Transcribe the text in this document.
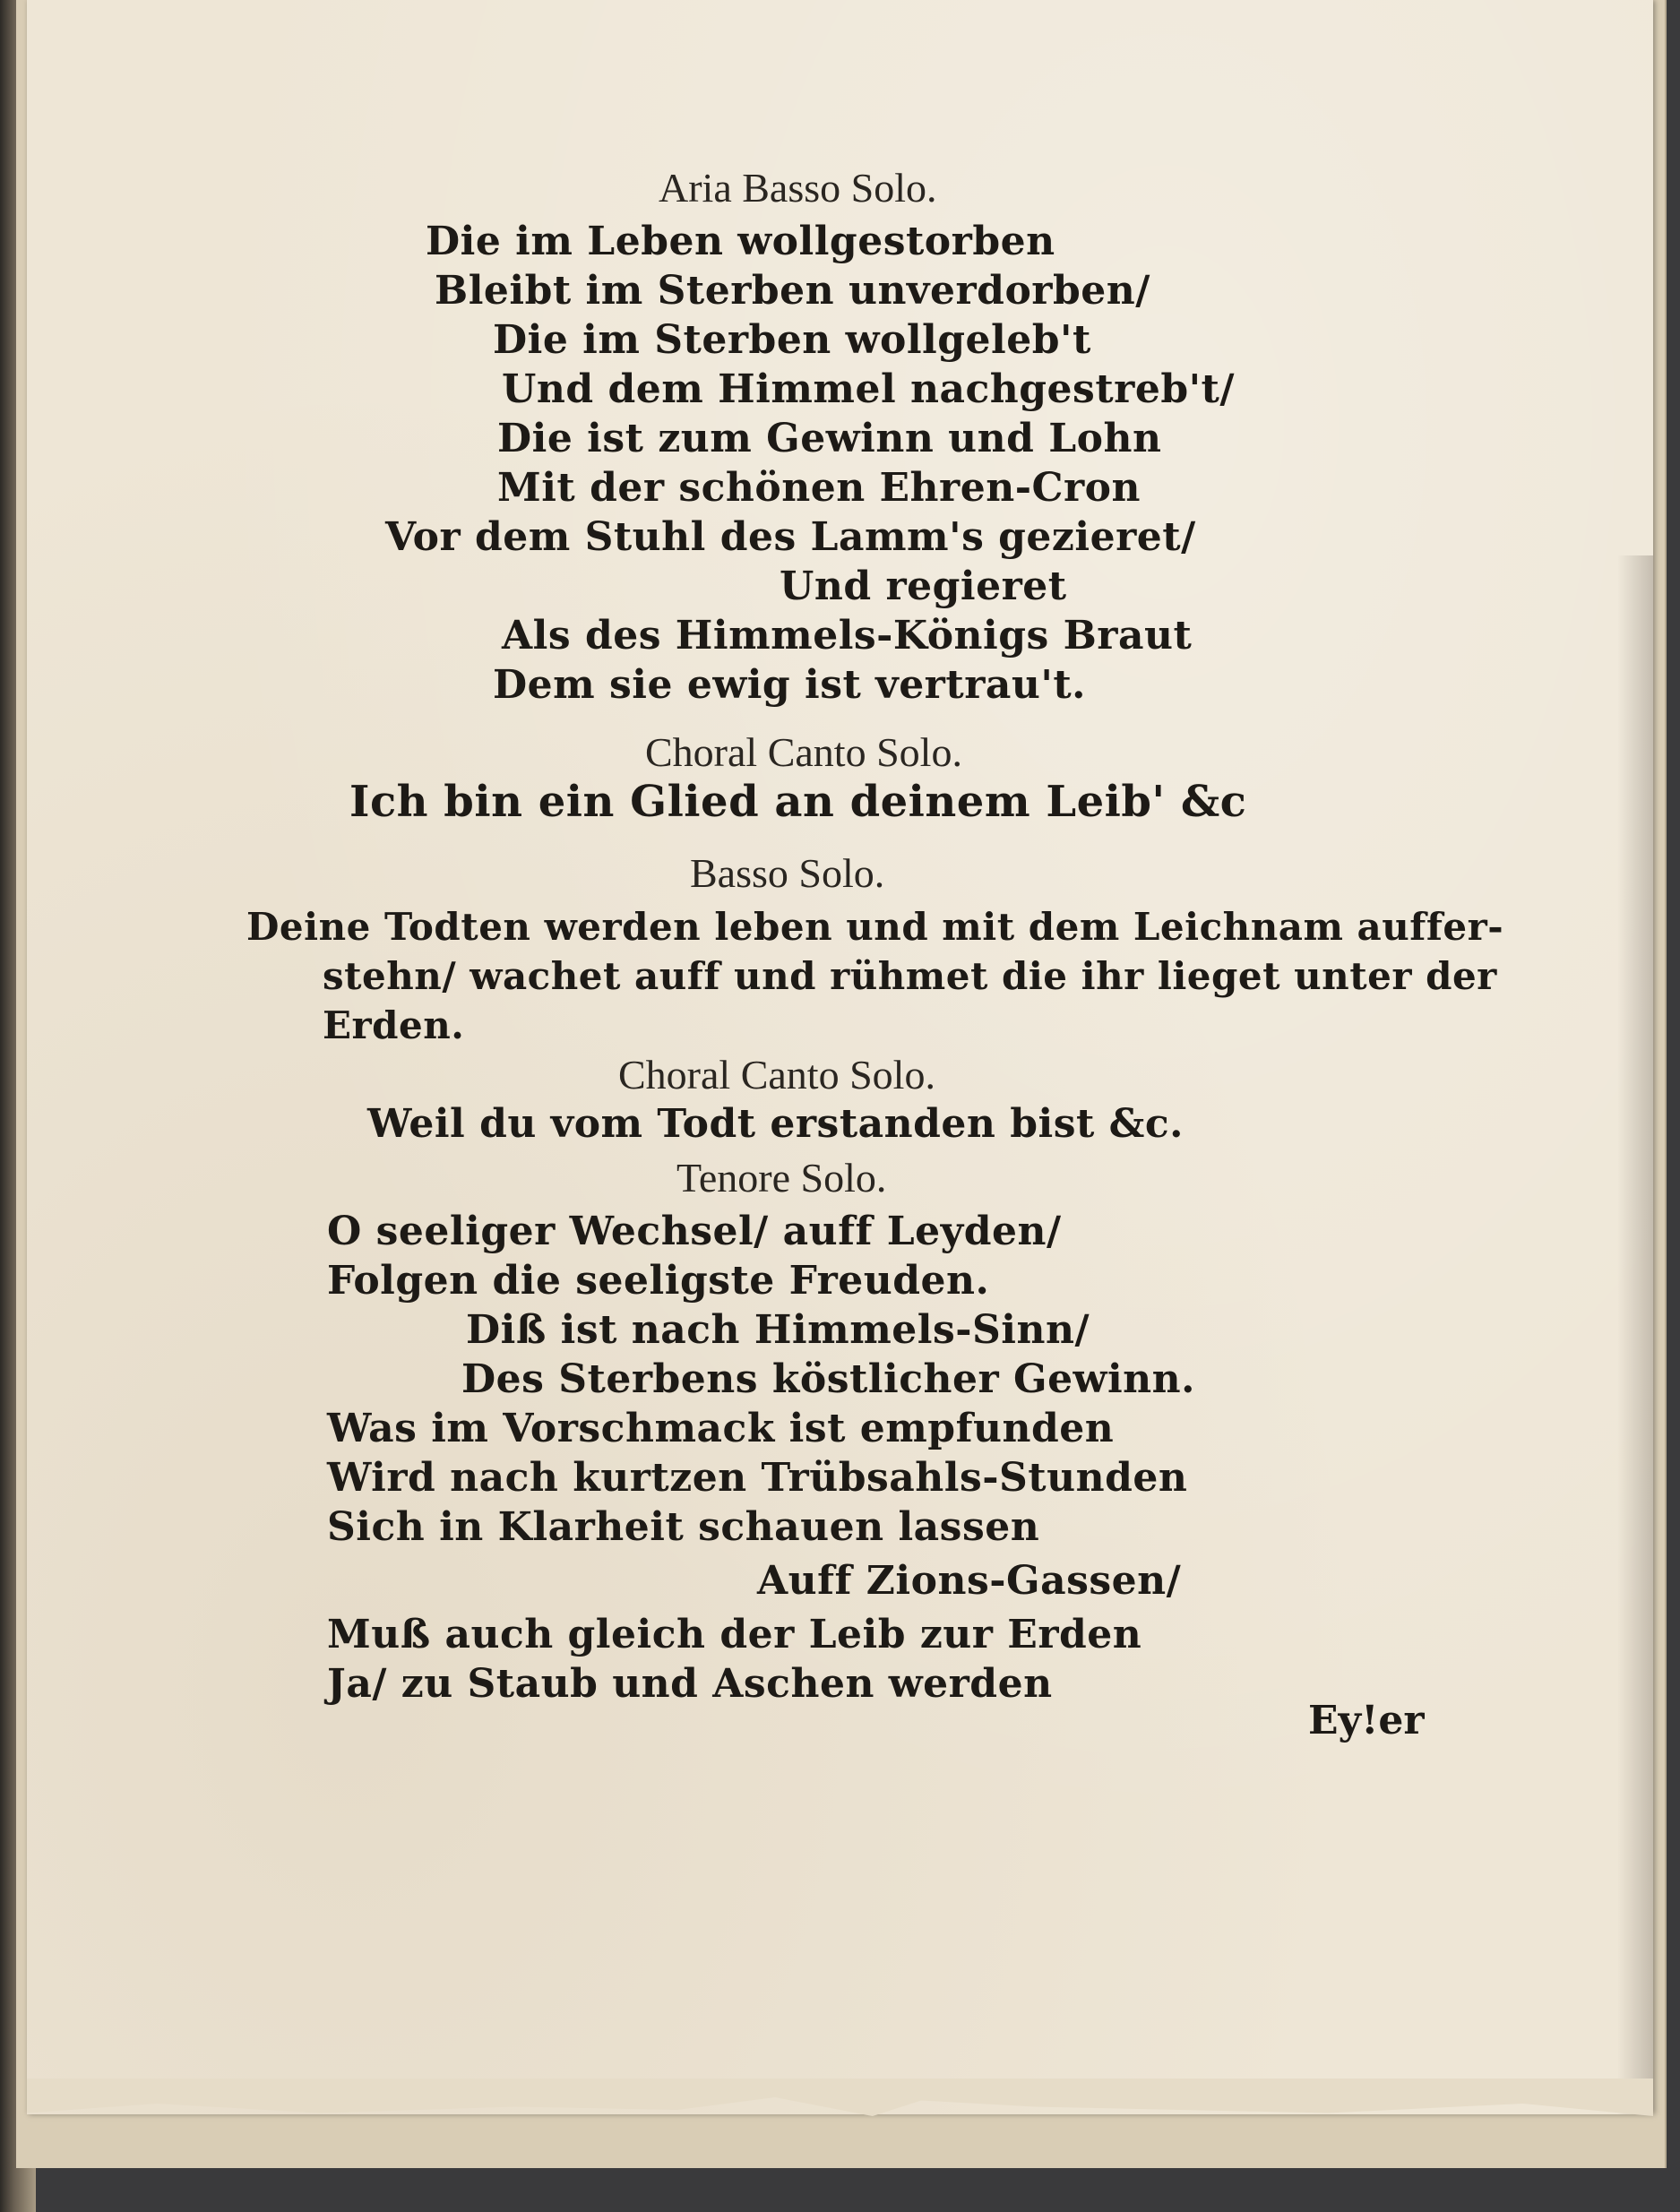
Aria Basso Solo.
Die im Leben wollgestorben
Bleibt im Sterben unverdorben/
Die im Sterben wollgeleb't
Und dem Himmel nachgestreb't/
Die ist zum Gewinn und Lohn
Mit der schönen Ehren-Cron
Vor dem Stuhl des Lamm's gezieret/
Und regieret
Als des Himmels-Königs Braut
Dem sie ewig ist vertrau't.
Choral Canto Solo.
Ich bin ein Glied an deinem Leib' &c
Basso Solo.
Deine Todten werden leben und mit dem Leichnam auffer-
stehn/ wachet auff und rühmet die ihr lieget unter der
Erden.
Choral Canto Solo.
Weil du vom Todt erstanden bist &c.
Tenore Solo.
O seeliger Wechsel/ auff Leyden/
Folgen die seeligste Freuden.
Diß ist nach Himmels-Sinn/
Des Sterbens köstlicher Gewinn.
Was im Vorschmack ist empfunden
Wird nach kurtzen Trübsahls-Stunden
Sich in Klarheit schauen lassen
Auff Zions-Gassen/
Muß auch gleich der Leib zur Erden
Ja/ zu Staub und Aschen werden
Ey!er
